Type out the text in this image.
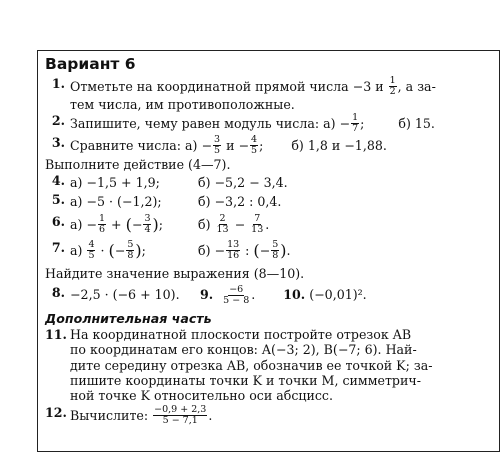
Вариант 6
1. Отметьте на координатной прямой числа −3 и
$\frac{1}{2}$ , а за-
тем числа, им противоположные.
2. Запишите, чему равен модуль числа: $а) - \frac{1}{7}$ ;	б) 15.
3. Сравните числа: $а) - \frac{3}{5}$
$и - \frac{4}{5}$ ; б) 1,8 и −1,88.
Выполните действие (4—7).
4. а) −1,5 + 1,9;	б) −5,2 − 3,4.
5. а) −5 · (−1,2);	б) −3,2 : 0,4.
6. $а) - \frac{1}{6}$
+
( − $\frac{3}{4}$ ) ;	б)
$\frac{2}{13} - \frac{7}{13}$ .
7. а)
$\frac{4}{5}$ · ( − $\frac{5}{8}$ ) ;	$б) - \frac{13}{16}$ : ( − $\frac{5}{8}$ ) .
Найдите значение выражения (8—10).
8. −2,5 · (−6 + 10).	9.
$\frac{-6}{5 - 8}$ . 10.
(−0,01)².
Дополнительная часть
11. На координатной плоскости постройте отрезок AB
по координатам его концов: A(−3; 2), B(−7; 6). Най-
дите середину отрезка AB, обозначив ее точкой K; за-
пишите координаты точки K и точки M, симметрич-
ной точке K относительно оси абсцисс.
12. Вычислите:
$\frac{-0,9 + 2,3}{5 - 7,1}$ .
